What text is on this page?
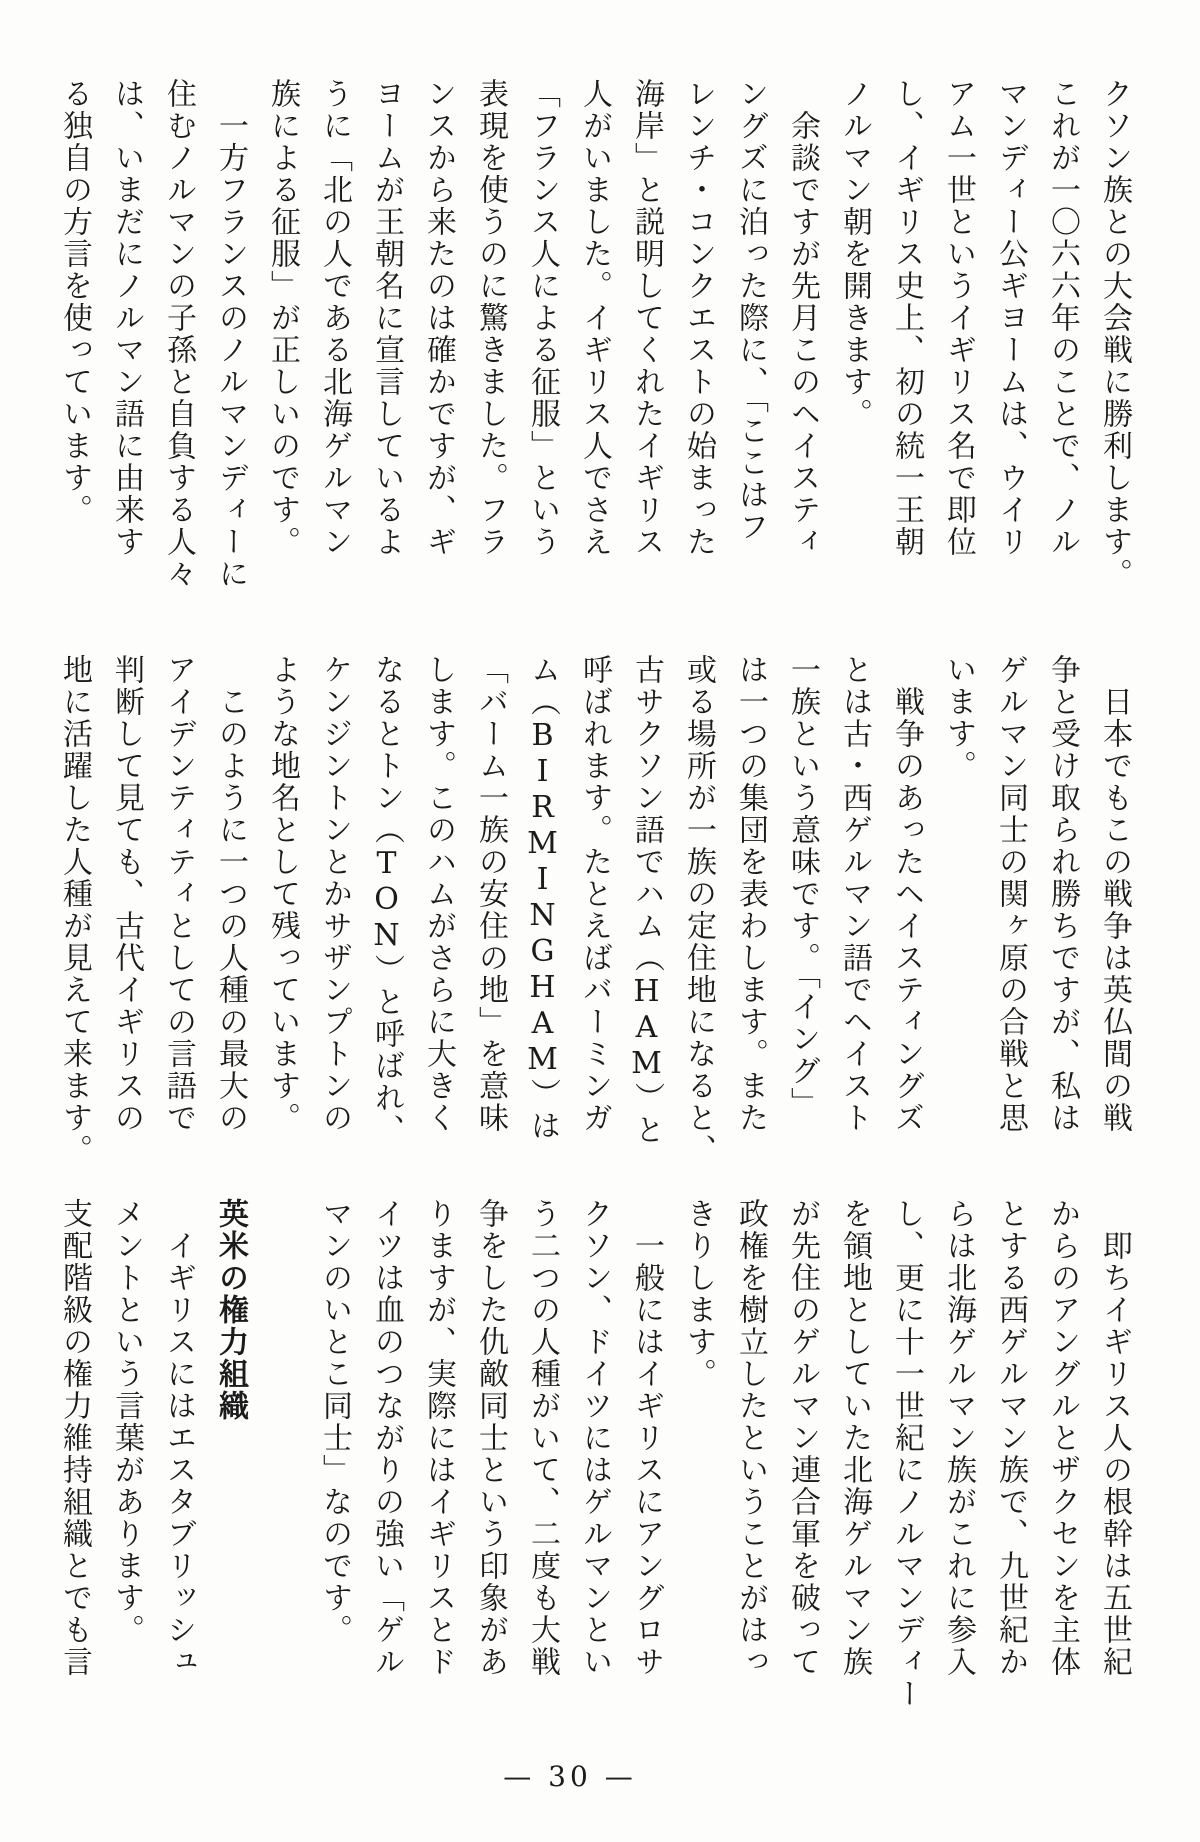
クソン族との大会戦に勝利します。
これが一〇六六年のことで、ノル
マンディー公ギヨームは、ウイリ
アム一世というイギリス名で即位
し、イギリス史上、初の統一王朝
ノルマン朝を開きます。
　余談ですが先月このヘイスティ
ングズに泊った際に、「ここはフ
レンチ・コンクエストの始まった
海岸」と説明してくれたイギリス
人がいました。イギリス人でさえ
「フランス人による征服」という
表現を使うのに驚きました。フラ
ンスから来たのは確かですが、ギ
ヨームが王朝名に宣言しているよ
うに「北の人である北海ゲルマン
族による征服」が正しいのです。
　一方フランスのノルマンディーに
住むノルマンの子孫と自負する人々
は、いまだにノルマン語に由来す
る独自の方言を使っています。
　日本でもこの戦争は英仏間の戦
争と受け取られ勝ちですが、私は
ゲルマン同士の関ヶ原の合戦と思
います。
　戦争のあったヘイスティングズ
とは古・西ゲルマン語でヘイスト
一族という意味です。「イング」
は一つの集団を表わします。また
或る場所が一族の定住地になると、
古サクソン語でハム（HAM）と
呼ばれます。たとえばバーミンガ
ム（BIRMINGHAM）は
「バーム一族の安住の地」を意味
します。このハムがさらに大きく
なるとトン（TON）と呼ばれ、
ケンジントンとかサザンプトンの
ような地名として残っています。
　このように一つの人種の最大の
アイデンティティとしての言語で
判断して見ても、古代イギリスの
地に活躍した人種が見えて来ます。
　即ちイギリス人の根幹は五世紀
からのアングルとザクセンを主体
とする西ゲルマン族で、九世紀か
らは北海ゲルマン族がこれに参入
し、更に十一世紀にノルマンディー
を領地としていた北海ゲルマン族
が先住のゲルマン連合軍を破って
政権を樹立したということがはっ
きりします。
　一般にはイギリスにアングロサ
クソン、ドイツにはゲルマンとい
う二つの人種がいて、二度も大戦
争をした仇敵同士という印象があ
りますが、実際にはイギリスとド
イツは血のつながりの強い「ゲル
マンのいとこ同士」なのです。
英米の権力組織
　イギリスにはエスタブリッシュ
メントという言葉があります。
支配階級の権力維持組織とでも言
— 30 —
